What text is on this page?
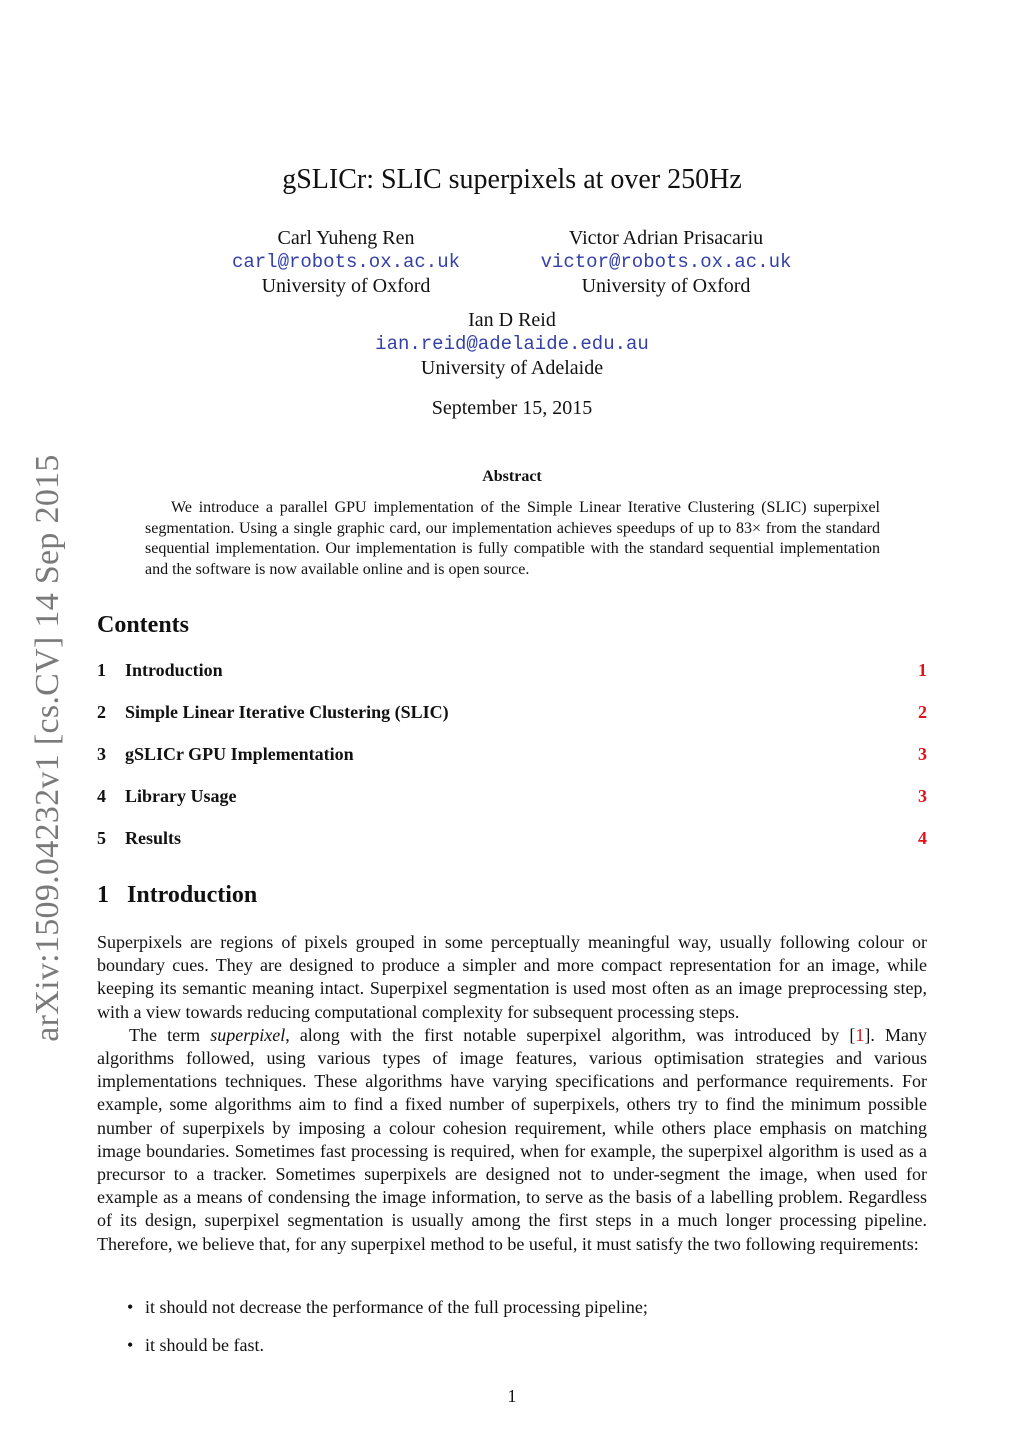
arXiv:1509.04232v1 [cs.CV] 14 Sep 2015
gSLICr: SLIC superpixels at over 250Hz
Carl Yuheng Ren
carl@robots.ox.ac.uk
University of Oxford
Victor Adrian Prisacariu
victor@robots.ox.ac.uk
University of Oxford
Ian D Reid
ian.reid@adelaide.edu.au
University of Adelaide
September 15, 2015
Abstract
We introduce a parallel GPU implementation of the Simple Linear Iterative Clustering (SLIC) superpixel segmentation. Using a single graphic card, our implementation achieves speedups of up to 83× from the standard sequential implementation. Our implementation is fully compatible with the standard sequential implementation and the software is now available online and is open source.
Contents
1 Introduction	1
2 Simple Linear Iterative Clustering (SLIC)	2
3 gSLICr GPU Implementation	3
4 Library Usage	3
5 Results	4
1 Introduction

Superpixels are regions of pixels grouped in some perceptually meaningful way, usually following colour or boundary cues. They are designed to produce a simpler and more compact representation for an image, while keeping its semantic meaning intact. Superpixel segmentation is used most often as an image preprocessing step, with a view towards reducing computational complexity for subsequent processing steps.

The term superpixel, along with the first notable superpixel algorithm, was introduced by [1]. Many algorithms followed, using various types of image features, various optimisation strategies and various implementations techniques. These algorithms have varying specifications and performance requirements. For example, some algorithms aim to find a fixed number of superpixels, others try to find the minimum possible number of superpixels by imposing a colour cohesion requirement, while others place emphasis on matching image boundaries. Sometimes fast processing is required, when for example, the superpixel algorithm is used as a precursor to a tracker. Sometimes superpixels are designed not to under-segment the image, when used for example as a means of condensing the image information, to serve as the basis of a labelling problem. Regardless of its design, superpixel segmentation is usually among the first steps in a much longer processing pipeline. Therefore, we believe that, for any superpixel method to be useful, it must satisfy the two following requirements:

• it should not decrease the performance of the full processing pipeline;
• it should be fast.
1
